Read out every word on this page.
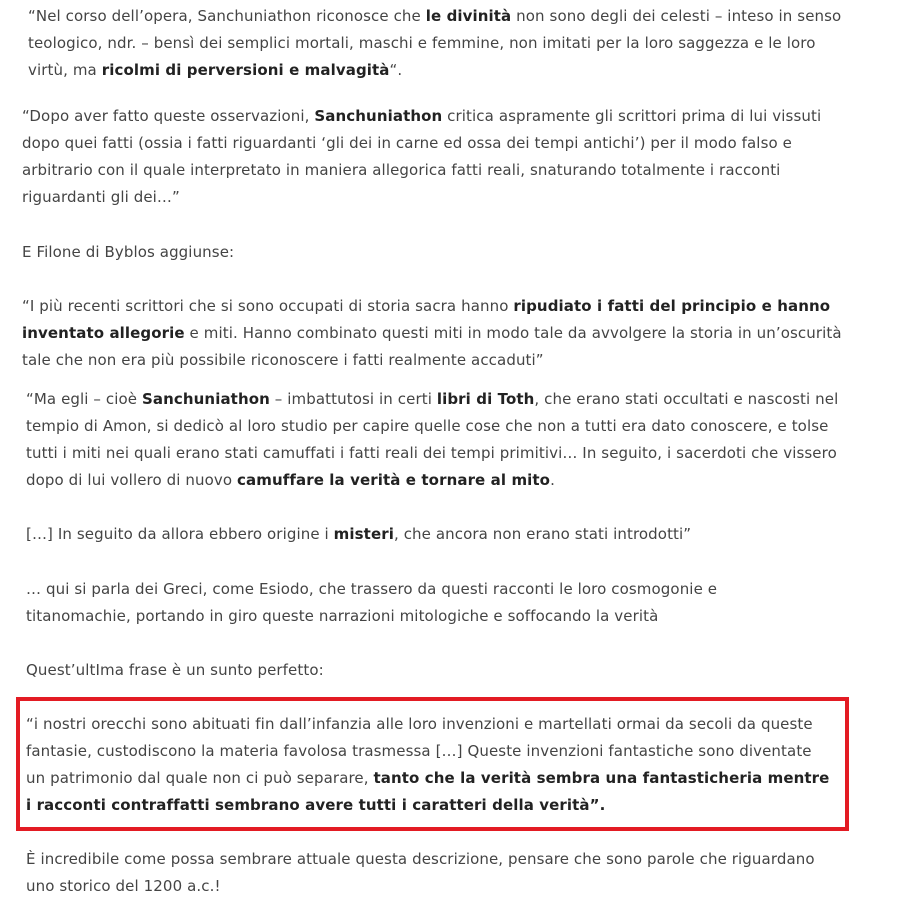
“Nel corso dell’opera, Sanchuniathon riconosce che le divinità non sono degli dei celesti – inteso in senso teologico, ndr. – bensì dei semplici mortali, maschi e femmine, non imitati per la loro saggezza e le loro virtù, ma ricolmi di perversioni e malvagità“.

“Dopo aver fatto queste osservazioni, Sanchuniathon critica aspramente gli scrittori prima di lui vissuti dopo quei fatti (ossia i fatti riguardanti ‘gli dei in carne ed ossa dei tempi antichi’) per il modo falso e arbitrario con il quale interpretato in maniera allegorica fatti reali, snaturando totalmente i racconti riguardanti gli dei…”

E Filone di Byblos aggiunse:

“I più recenti scrittori che si sono occupati di storia sacra hanno ripudiato i fatti del principio e hanno inventato allegorie e miti. Hanno combinato questi miti in modo tale da avvolgere la storia in un’oscurità tale che non era più possibile riconoscere i fatti realmente accaduti”

“Ma egli – cioè Sanchuniathon – imbattutosi in certi libri di Toth, che erano stati occultati e nascosti nel tempio di Amon, si dedicò al loro studio per capire quelle cose che non a tutti era dato conoscere, e tolse tutti i miti nei quali erano stati camuffati i fatti reali dei tempi primitivi… In seguito, i sacerdoti che vissero dopo di lui vollero di nuovo camuffare la verità e tornare al mito.

[…] In seguito da allora ebbero origine i misteri, che ancora non erano stati introdotti”

… qui si parla dei Greci, come Esiodo, che trassero da questi racconti le loro cosmogonie e titanomachie, portando in giro queste narrazioni mitologiche e soffocando la verità

Quest’ultIma frase è un sunto perfetto:

“i nostri orecchi sono abituati fin dall’infanzia alle loro invenzioni e martellati ormai da secoli da queste fantasie, custodiscono la materia favolosa trasmessa […] Queste invenzioni fantastiche sono diventate un patrimonio dal quale non ci può separare, tanto che la verità sembra una fantasticheria mentre i racconti contraffatti sembrano avere tutti i caratteri della verità”.

È incredibile come possa sembrare attuale questa descrizione, pensare che sono parole che riguardano uno storico del 1200 a.c.!
